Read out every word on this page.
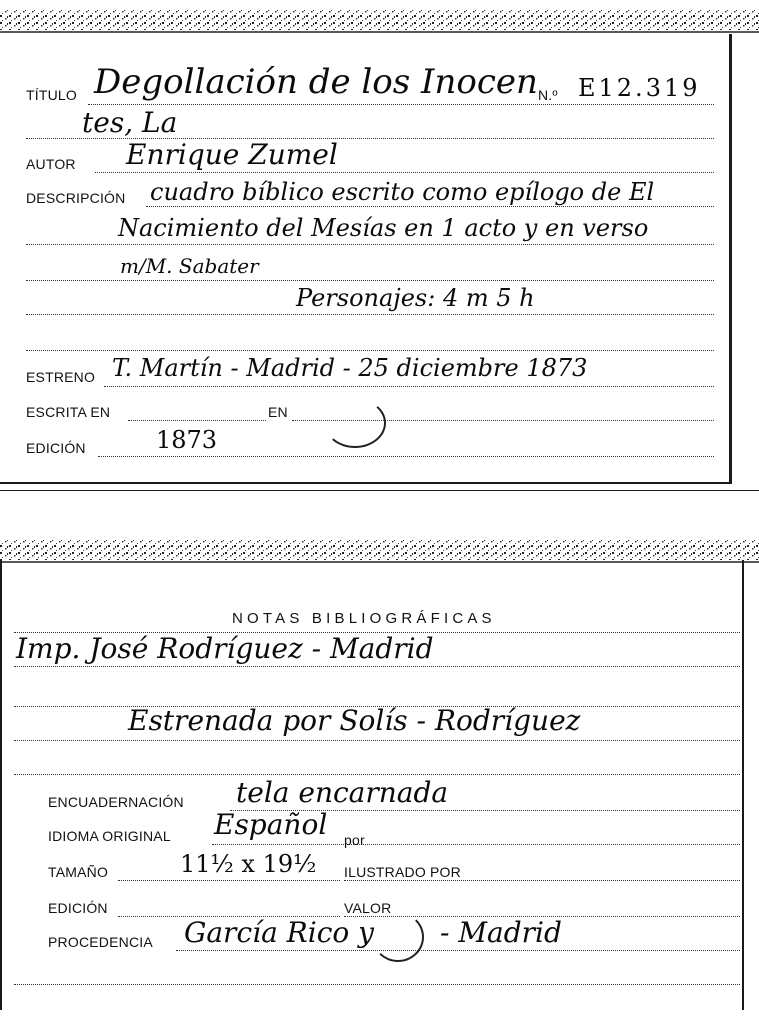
TÍTULO Degollación de los Inocen N.º E12.319
tes, La
AUTOR Enrique Zumel
DESCRIPCIÓN cuadro bíblico escrito como epílogo de El
Nacimiento del Mesías en 1 acto y en verso
m/M. Sabater
Personajes: 4 m 5 h
ESTRENO T. Martín - Madrid - 25 diciembre 1873
ESCRITA EN	EN
EDICIÓN	1873
NOTAS BIBLIOGRÁFICAS
Imp. José Rodríguez - Madrid
Estrenada por Solís - Rodríguez
ENCUADERNACIÓN tela encarnada
IDIOMA ORIGINAL Español por
TAMAÑO	11½ x 19½ ILUSTRADO POR
EDICIÓN	VALOR
PROCEDENCIA García Rico y - Madrid
